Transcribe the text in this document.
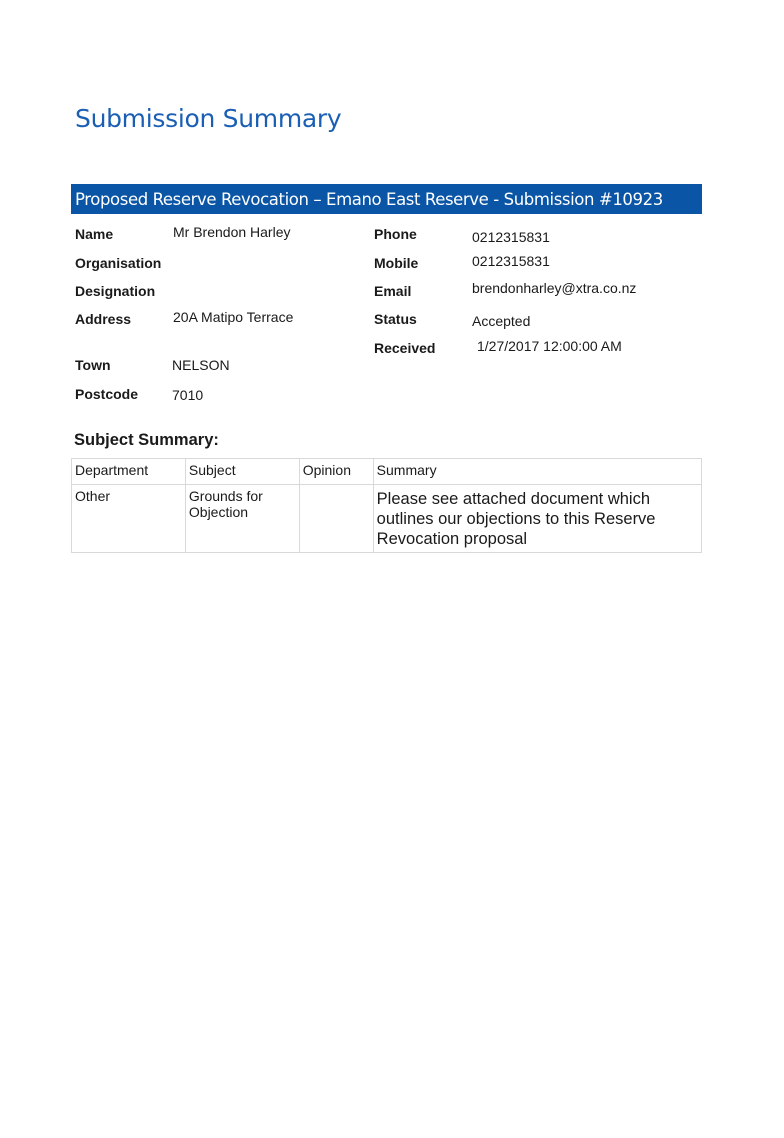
Submission Summary
Proposed Reserve Revocation – Emano East Reserve - Submission #10923
Name	Mr Brendon Harley
Organisation
Designation
Address	20A Matipo Terrace
Town	NELSON
Postcode 7010
Phone	0212315831
Mobile	0212315831
Email	brendonharley@xtra.co.nz
Status	Accepted
Received	1/27/2017 12:00:00 AM
Subject Summary:
Department	Subject	Opinion	Summary
Other	Grounds for Objection		Please see attached document which outlines our objections to this Reserve Revocation proposal
